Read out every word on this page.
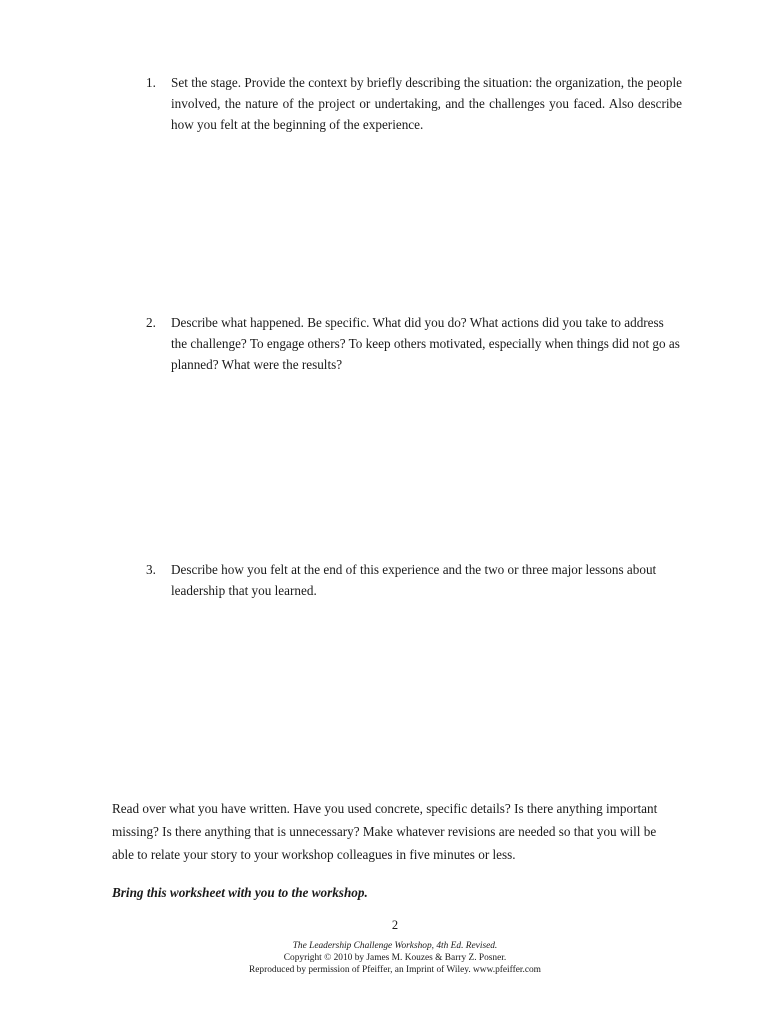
1.	Set the stage. Provide the context by briefly describing the situation: the organization, the people involved, the nature of the project or undertaking, and the challenges you faced. Also describe how you felt at the beginning of the experience.
2.	Describe what happened. Be specific. What did you do? What actions did you take to address the challenge? To engage others? To keep others motivated, especially when things did not go as planned? What were the results?
3.	Describe how you felt at the end of this experience and the two or three major lessons about leadership that you learned.
Read over what you have written. Have you used concrete, specific details? Is there anything important missing? Is there anything that is unnecessary? Make whatever revisions are needed so that you will be able to relate your story to your workshop colleagues in five minutes or less.
Bring this worksheet with you to the workshop.
2
The Leadership Challenge Workshop, 4th Ed. Revised.
Copyright © 2010 by James M. Kouzes & Barry Z. Posner.
Reproduced by permission of Pfeiffer, an Imprint of Wiley. www.pfeiffer.com
